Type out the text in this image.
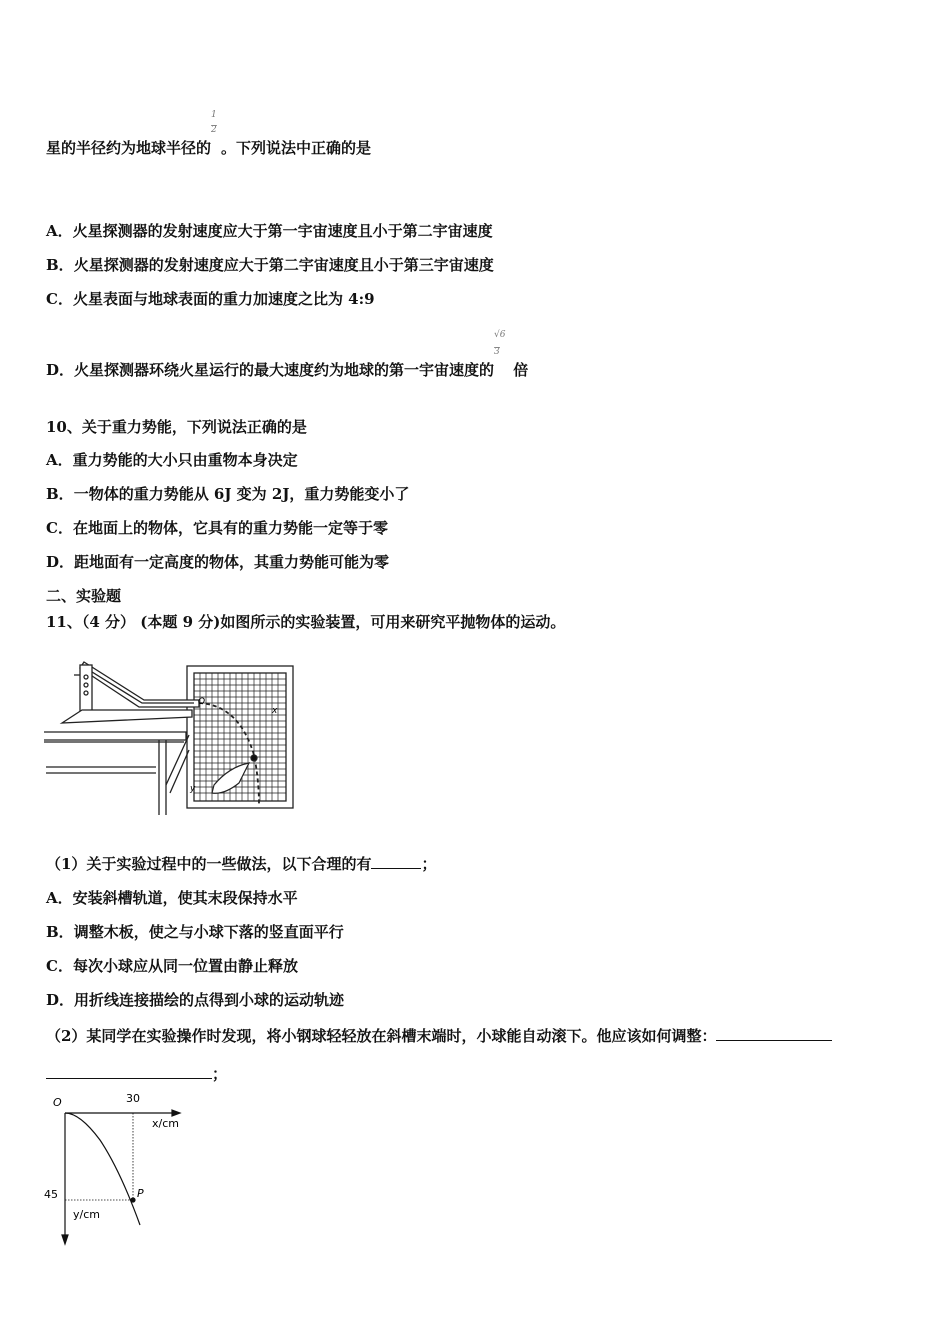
星的半径约为地球半径的 $\frac{1}{2}$ 。下列说法中正确的是
A．火星探测器的发射速度应大于第一宇宙速度且小于第二宇宙速度
B．火星探测器的发射速度应大于第二宇宙速度且小于第三宇宙速度
C．火星表面与地球表面的重力加速度之比为 4:9
D．火星探测器环绕火星运行的最大速度约为地球的第一宇宙速度的 $\frac{√6}{3}$ 倍
10、关于重力势能，下列说法正确的是
A．重力势能的大小只由重物本身决定
B．一物体的重力势能从 6J 变为 2J，重力势能变小了
C．在地面上的物体，它具有的重力势能一定等于零
D．距地面有一定高度的物体，其重力势能可能为零
二、实验题
11、（4 分） (本题 9 分)如图所示的实验装置，可用来研究平抛物体的运动。
O
x
y
（1）关于实验过程中的一些做法，以下合理的有	；
A．安装斜槽轨道，使其末段保持水平
B．调整木板，使之与小球下落的竖直面平行
C．每次小球应从同一位置由静止释放
D．用折线连接描绘的点得到小球的运动轨迹
（2）某同学在实验操作时发现，将小钢球轻轻放在斜槽末端时，小球能自动滚下。他应该如何调整：
；
O	30
45
x/cm
y/cm
P
